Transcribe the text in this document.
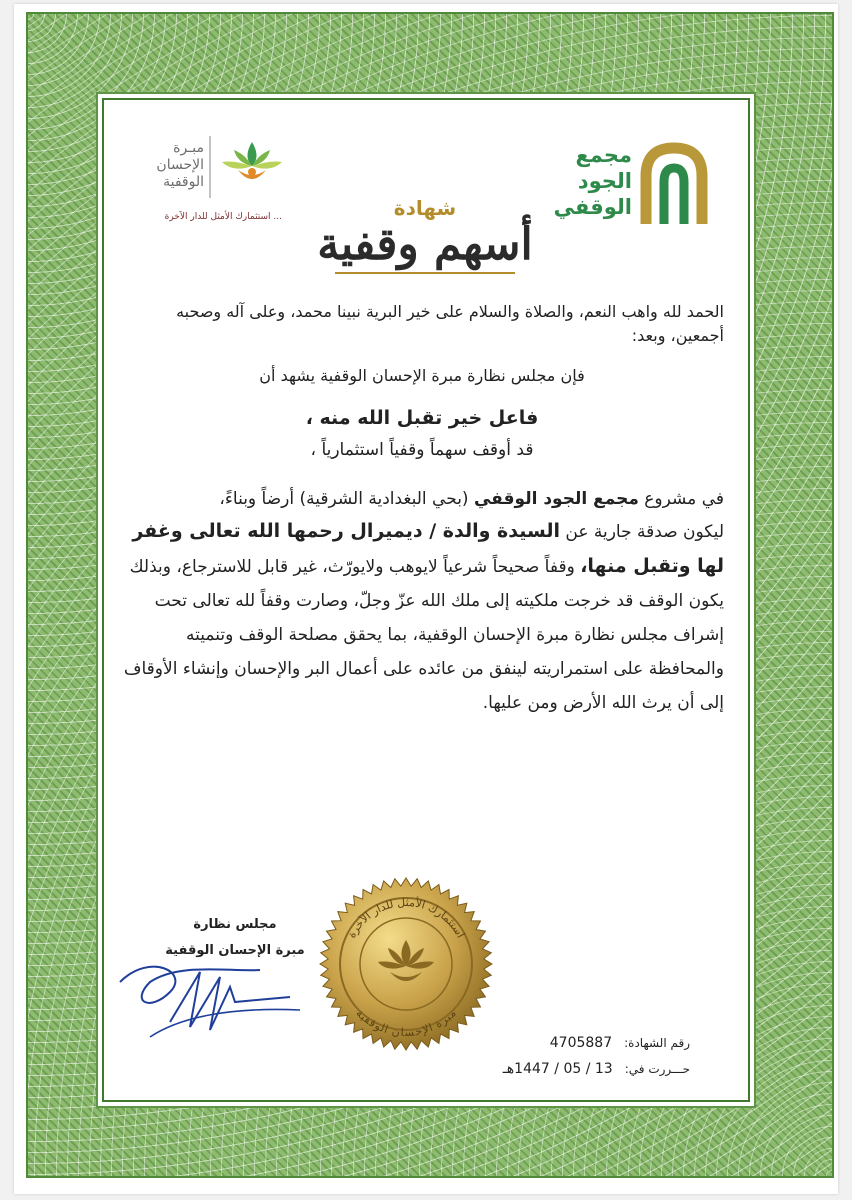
مبـرة
الإحسان
الوقفية
... استثمارك الأمثل للدار الآخرة
مجمع
الجود
الوقفي
شهادة
أسهم وقفية

الحمد لله واهب النعم، والصلاة والسلام على خير البرية نبينا محمد، وعلى آله وصحبه أجمعين، وبعد:

فإن مجلس نظارة مبرة الإحسان الوقفية يشهد أن

فاعل خير تقبل الله منه ،

قد أوقف سهماً وقفياً استثمارياً ،

في مشروع مجمع الجود الوقفي (بحي البغدادية الشرقية) أرضاً وبناءً،

ليكون صدقة جارية عن السيدة والدة / ديميرال رحمها الله تعالى وغفر لها وتقبل منها، وقفاً صحيحاً شرعياً لايوهب ولايورّث، غير قابل للاسترجاع، وبذلك يكون الوقف قد خرجت ملكيته إلى ملك الله عزّ وجلّ، وصارت وقفاً لله تعالى تحت إشراف مجلس نظارة مبرة الإحسان الوقفية، بما يحقق مصلحة الوقف وتنميته والمحافظة على استمراريته لينفق من عائده على أعمال البر والإحسان وإنشاء الأوقاف إلى أن يرث الله الأرض ومن عليها.

مجلس نظارة
مبرة الإحسان الوقفية
استثمارك الأمثل للدار الآخرة
مبرة الإحسان الوقفية
رقم الشهادة:
4705887
حـــررت في:
13 / 05 / 1447هـ
